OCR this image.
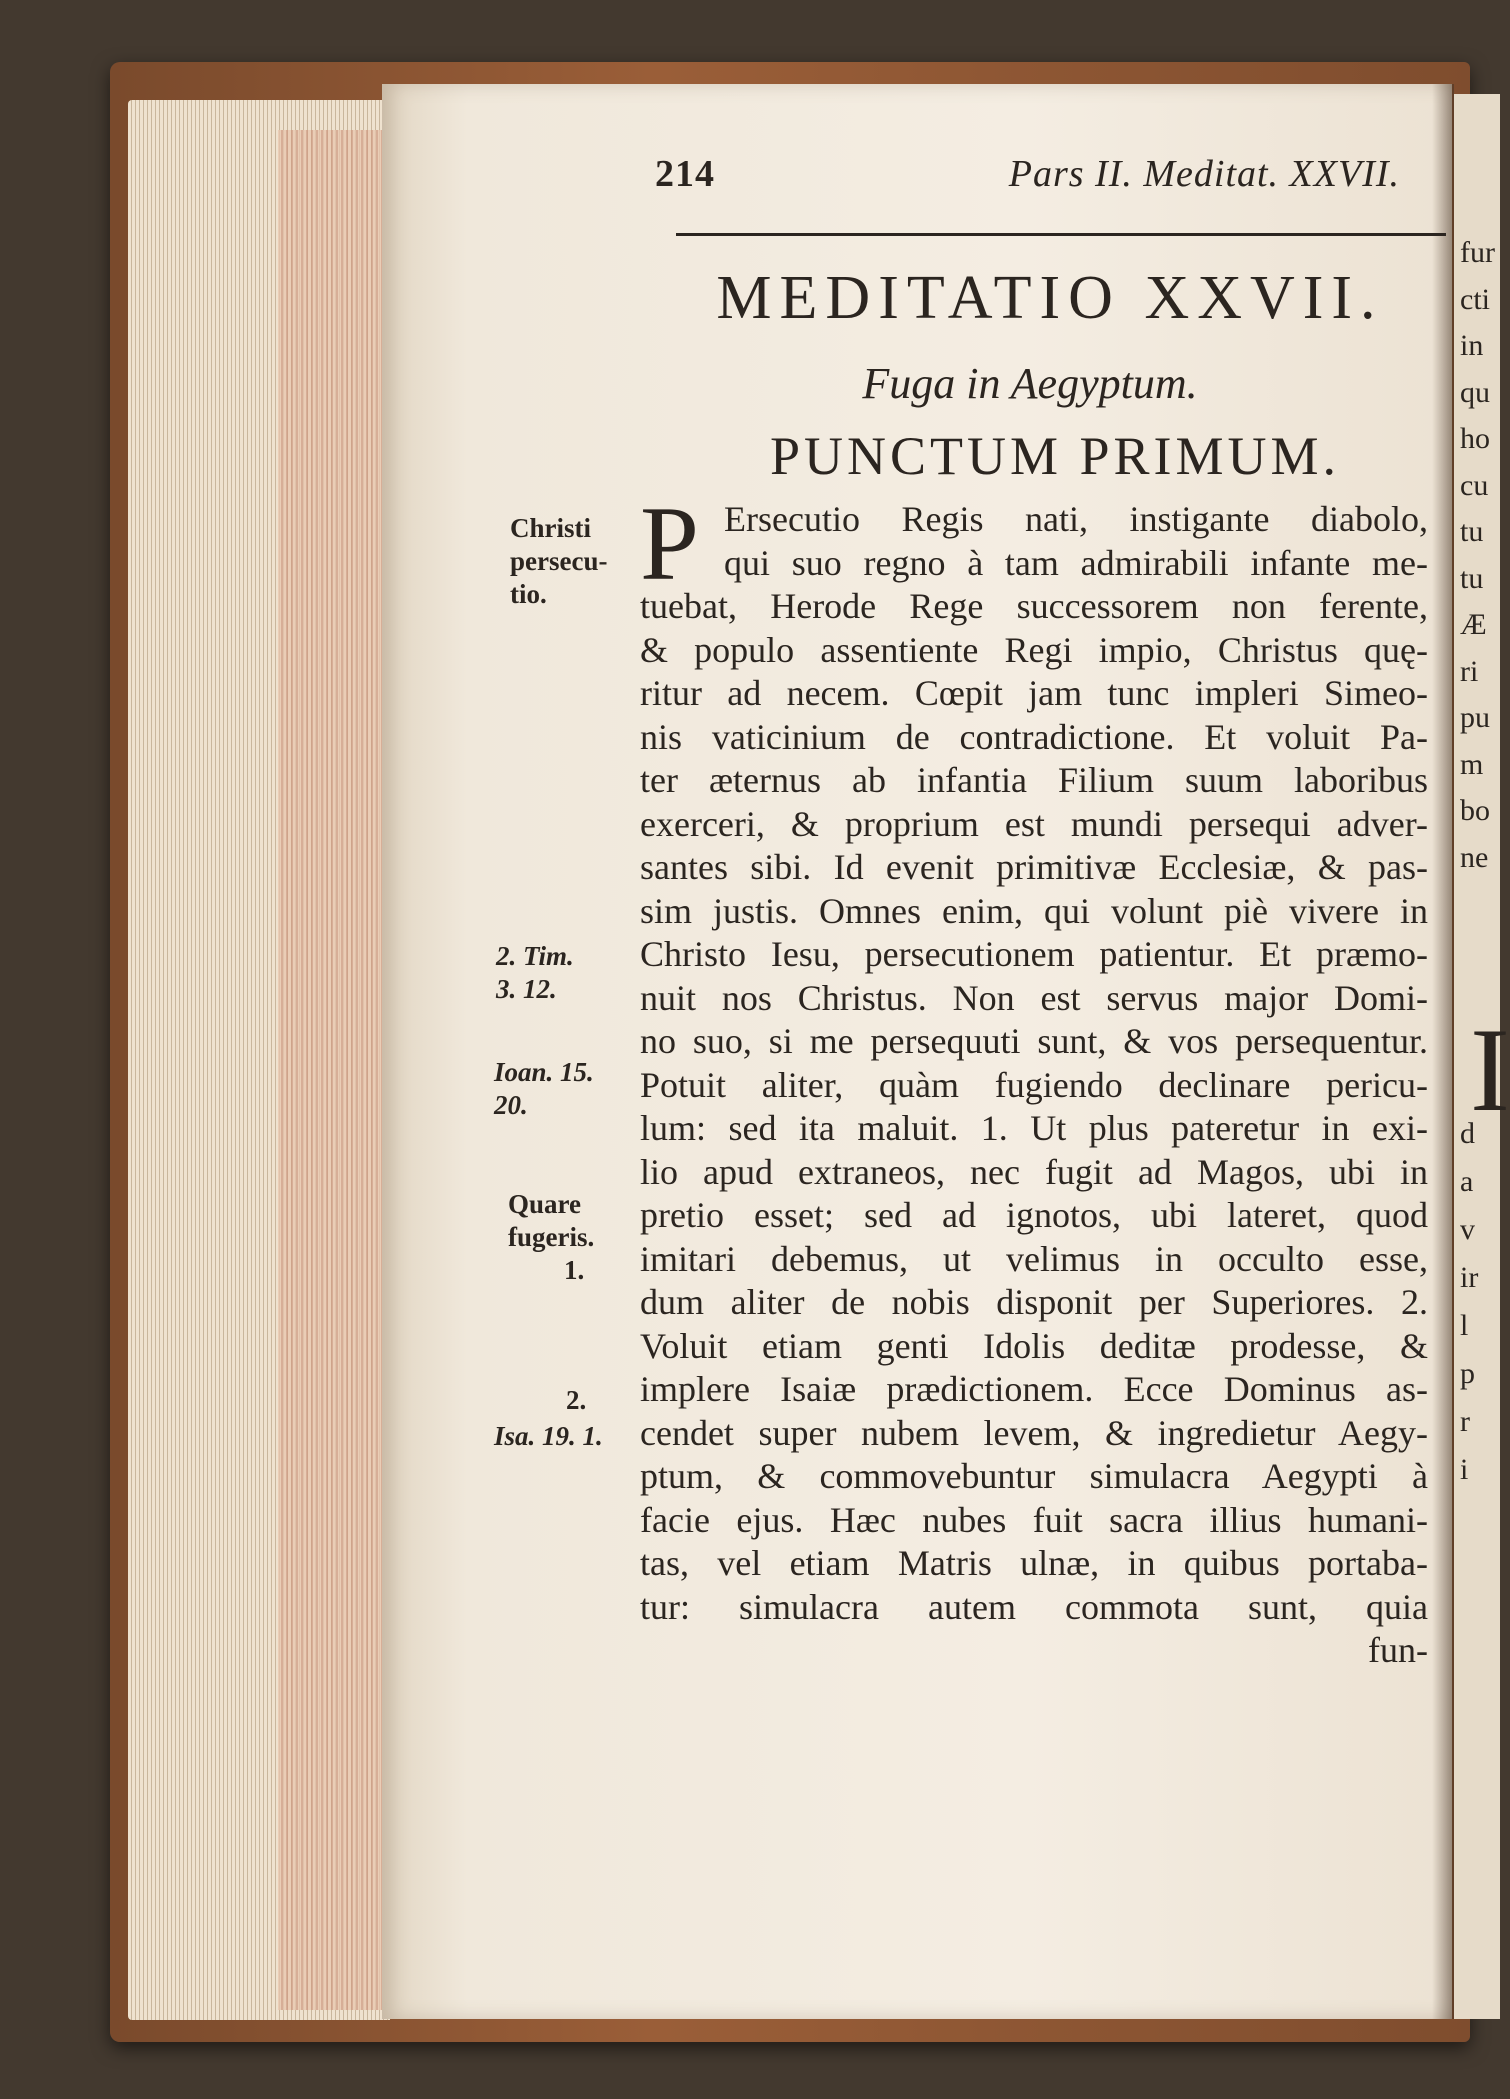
214	Pars II. Meditat. XXVII.
MEDITATIO XXVII.
Fuga in Aegyptum.
PUNCTUM PRIMUM.
P Ersecutio Regis nati, instigante diabolo,
qui suo regno à tam admirabili infante me-
tuebat, Herode Rege successorem non ferente,
& populo assentiente Regi impio, Christus quę-
ritur ad necem. Cœpit jam tunc impleri Simeo-
nis vaticinium de contradictione. Et voluit Pa-
ter æternus ab infantia Filium suum laboribus
exerceri, & proprium est mundi persequi adver-
santes sibi. Id evenit primitivæ Ecclesiæ, & pas-
sim justis. Omnes enim, qui volunt piè vivere in
Christo Iesu, persecutionem patientur. Et præmo-
nuit nos Christus. Non est servus major Domi-
no suo, si me persequuti sunt, & vos persequentur.
Potuit aliter, quàm fugiendo declinare pericu-
lum: sed ita maluit. 1. Ut plus pateretur in exi-
lio apud extraneos, nec fugit ad Magos, ubi in
pretio esset; sed ad ignotos, ubi lateret, quod
imitari debemus, ut velimus in occulto esse,
dum aliter de nobis disponit per Superiores. 2.
Voluit etiam genti Idolis deditæ prodesse, &
implere Isaiæ prædictionem. Ecce Dominus as-
cendet super nubem levem, & ingredietur Aegy-
ptum, & commovebuntur simulacra Aegypti à
facie ejus. Hæc nubes fuit sacra illius humani-
tas, vel etiam Matris ulnæ, in quibus portaba-
tur: simulacra autem commota sunt, quia
fun-
Christi
persecu-
tio.
2. Tim.
3. 12.
Ioan. 15.
20.
Quare
fugeris.
1.
2.
Isa. 19. 1.
fur
cti
in
qu
ho
cu
tu
tu
Æ
ri
pu
m
bo
ne
I
d
a
v
ir
l
p
r
i
